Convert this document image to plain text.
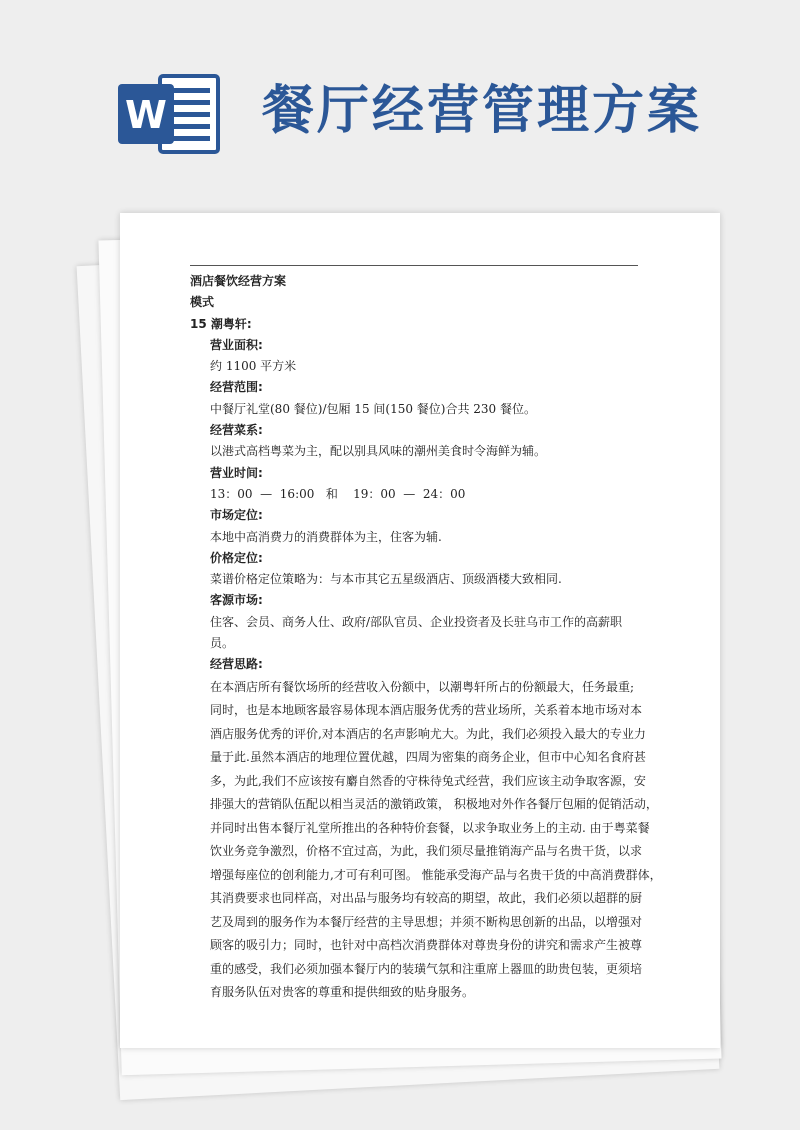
W 餐厅经营管理方案

酒店餐饮经营方案

模式

15 潮粤轩:

营业面积:

约 1100 平方米

经营范围:

中餐厅礼堂(80 餐位)/包厢 15 间(150 餐位)合共 230 餐位。

经营菜系:

以港式高档粤菜为主，配以别具风味的潮州美食时令海鲜为辅。

营业时间:

13：00  —  16:00   和    19：00  —  24：00

市场定位:

本地中高消费力的消费群体为主，住客为辅.

价格定位:

菜谱价格定位策略为：与本市其它五星级酒店、顶级酒楼大致相同.

客源市场:

住客、会员、商务人仕、政府/部队官员、企业投资者及长驻乌市工作的高薪职员。

经营思路:

在本酒店所有餐饮场所的经营收入份额中，以潮粤轩所占的份额最大，任务最重;
同时，也是本地顾客最容易体现本酒店服务优秀的营业场所，关系着本地市场对本
酒店服务优秀的评价,对本酒店的名声影响尤大。为此，我们必须投入最大的专业力
量于此.虽然本酒店的地理位置优越，四周为密集的商务企业，但市中心知名食府甚
多，为此,我们不应该按有麝自然香的守株待兔式经营，我们应该主动争取客源，安
排强大的营销队伍配以相当灵活的激销政策， 积极地对外作各餐厅包厢的促销活动，
并同时出售本餐厅礼堂所推出的各种特价套餐，以求争取业务上的主动. 由于粤菜餐
饮业务竞争激烈，价格不宜过高，为此，我们须尽量推销海产品与名贵干货，以求
增强每座位的创利能力,才可有利可图。 惟能承受海产品与名贵干货的中高消费群体，
其消费要求也同样高，对出品与服务均有较高的期望，故此，我们必须以超群的厨
艺及周到的服务作为本餐厅经营的主导思想；并须不断构思创新的出品，以增强对
顾客的吸引力；同时，也针对中高档次消费群体对尊贵身份的讲究和需求产生被尊
重的感受，我们必须加强本餐厅内的装璜气氛和注重席上器皿的助贵包装，更须培
育服务队伍对贵客的尊重和提供细致的贴身服务。
